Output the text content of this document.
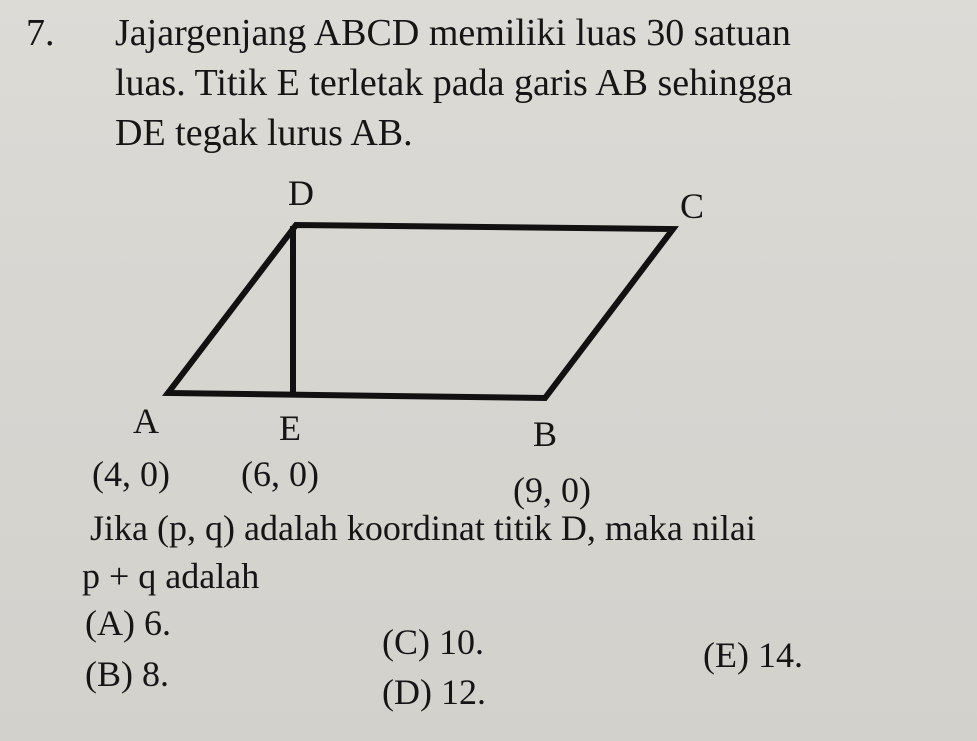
7. Jajargenjang ABCD memiliki luas 30 satuan
luas. Titik E terletak pada garis AB sehingga
DE tegak lurus AB.
D	C
A	E	B
(4, 0) (6, 0)	(9, 0)
Jika (p, q) adalah koordinat titik D, maka nilai
p + q adalah
(A) 6.
(B) 8.
(C) 10.
(D) 12.
(E) 14.
